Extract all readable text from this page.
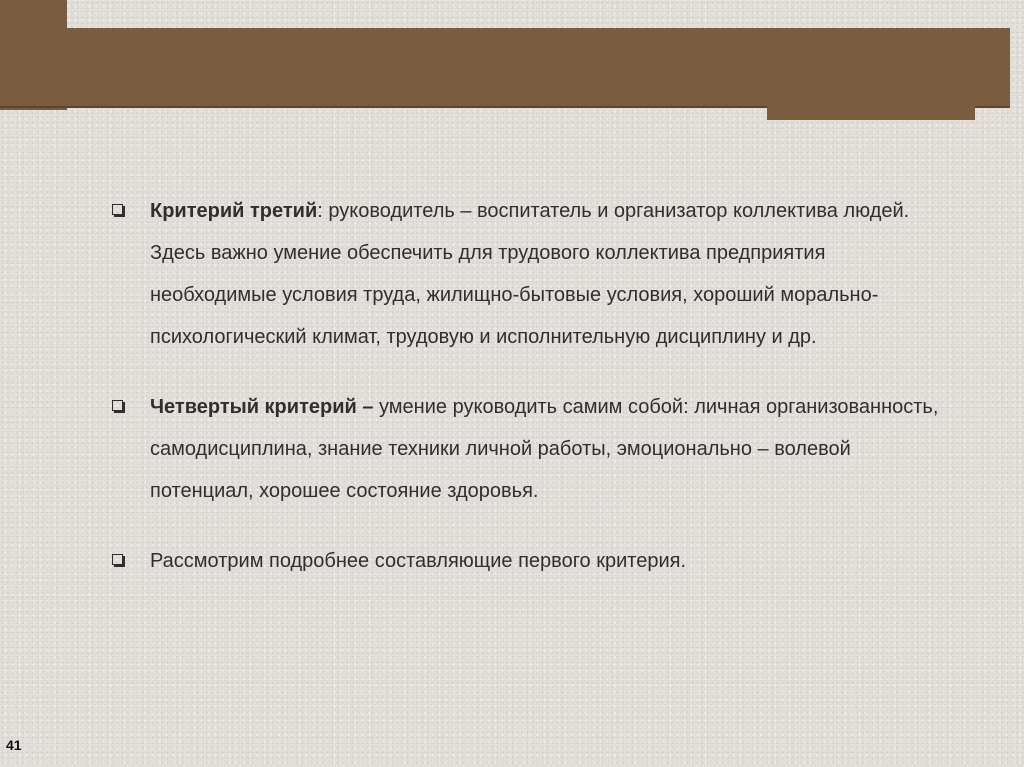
Критерий третий: руководитель – воспитатель и организатор коллектива людей. Здесь важно умение обеспечить для трудового коллектива предприятия необходимые условия труда, жилищно-бытовые условия, хороший морально-психологический климат, трудовую и исполнительную дисциплину и др.
Четвертый критерий – умение руководить самим собой: личная организованность, самодисциплина, знание техники личной работы, эмоционально – волевой потенциал, хорошее состояние здоровья.
Рассмотрим подробнее составляющие первого критерия.
41
